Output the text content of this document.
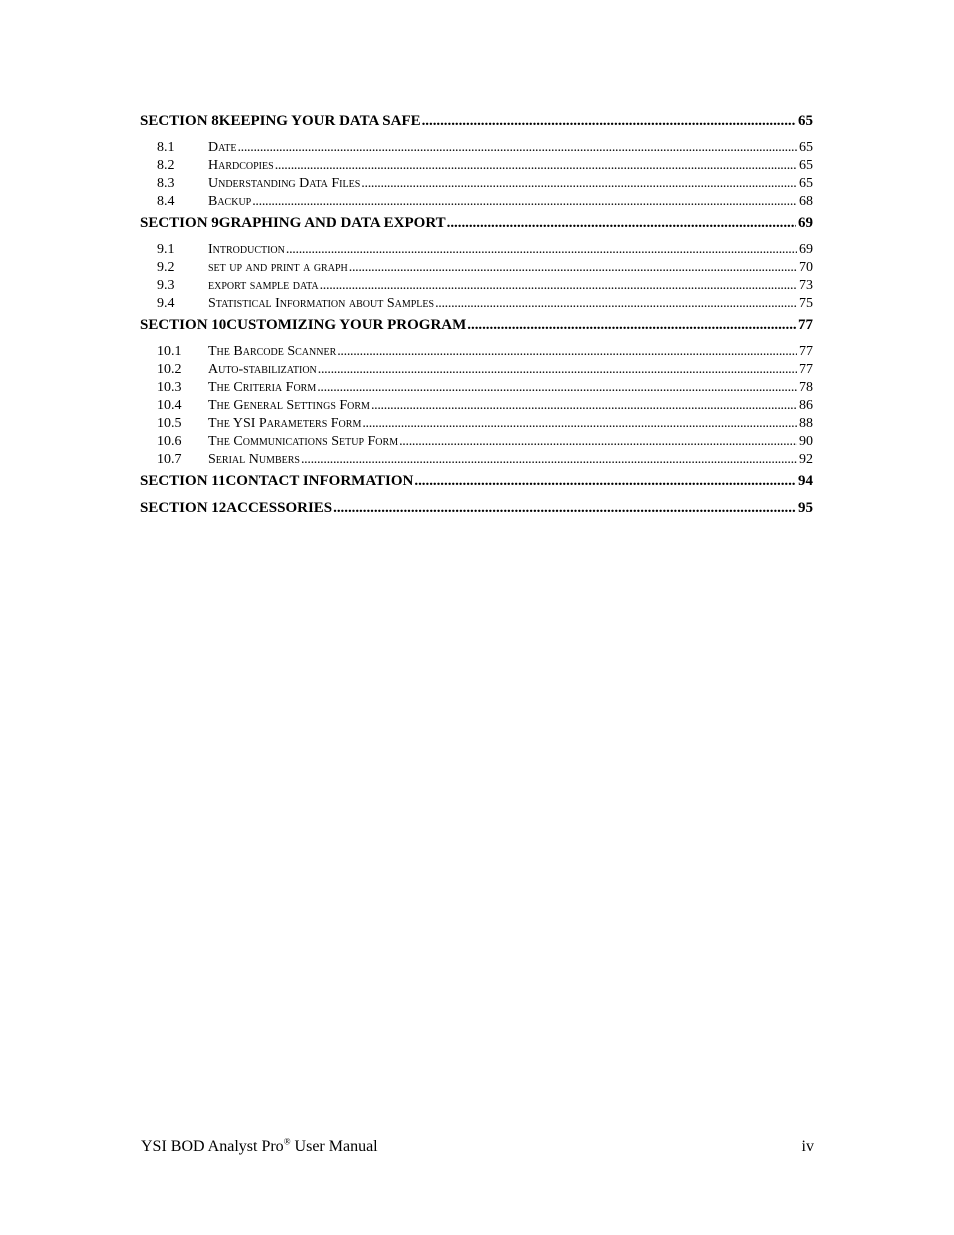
SECTION 8 KEEPING YOUR DATA SAFE . . .	65
8.1	Date . . .	65
8.2	Hardcopies . . .	65
8.3	Understanding Data Files . . .	65
8.4	Backup . . .	68
SECTION 9 GRAPHING AND DATA EXPORT . . .	69
9.1	Introduction . . .	69
9.2	set up and print a graph . . .	70
9.3	export sample data . . .	73
9.4	Statistical Information about Samples . . .	75
SECTION 10 CUSTOMIZING YOUR PROGRAM . . .	77
10.1	The Barcode Scanner . . .	77
10.2	Auto-stabilization . . .	77
10.3	The Criteria Form . . .	78
10.4	The General Settings Form . . .	86
10.5	The YSI Parameters Form . . .	88
10.6	The Communications Setup Form . . .	90
10.7	Serial Numbers . . .	92
SECTION 11 CONTACT INFORMATION . . .	94
SECTION 12 ACCESSORIES . . .	95
YSI BOD Analyst Pro® User Manual	iv
